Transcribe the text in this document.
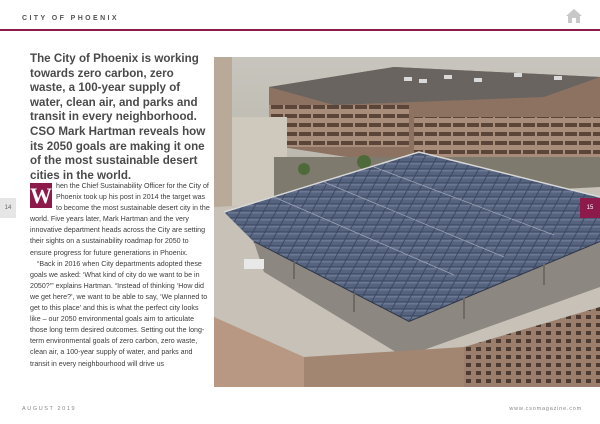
CITY OF PHOENIX
The City of Phoenix is working towards zero carbon, zero waste, a 100-year supply of water, clean air, and parks and transit in every neighborhood. CSO Mark Hartman reveals how its 2050 goals are making it one of the most sustainable desert cities in the world.
14 W hen the Chief Sustainability Officer for the City of Phoenix took up his post in 2014 the target was to become the most sustainable desert city in the world. Five years later, Mark Hartman and the very innovative department heads across the City are setting their sights on a sustainability roadmap for 2050 to ensure progress for future generations in Phoenix.

“Back in 2016 when City departments adopted these goals we asked: ‘What kind of city do we want to be in 2050?’” explains Hartman. “Instead of thinking ‘How did we get here?’, we want to be able to say, ‘We planned to get to this place’ and this is what the perfect city looks like – our 2050 environmental goals aim to articulate those long term desired outcomes. Setting out the long-term environmental goals of zero carbon, zero waste, clean air, a 100-year supply of water, and parks and transit in every neighbourhood will drive us

15
AUGUST 2019	www.csomagazine.com
